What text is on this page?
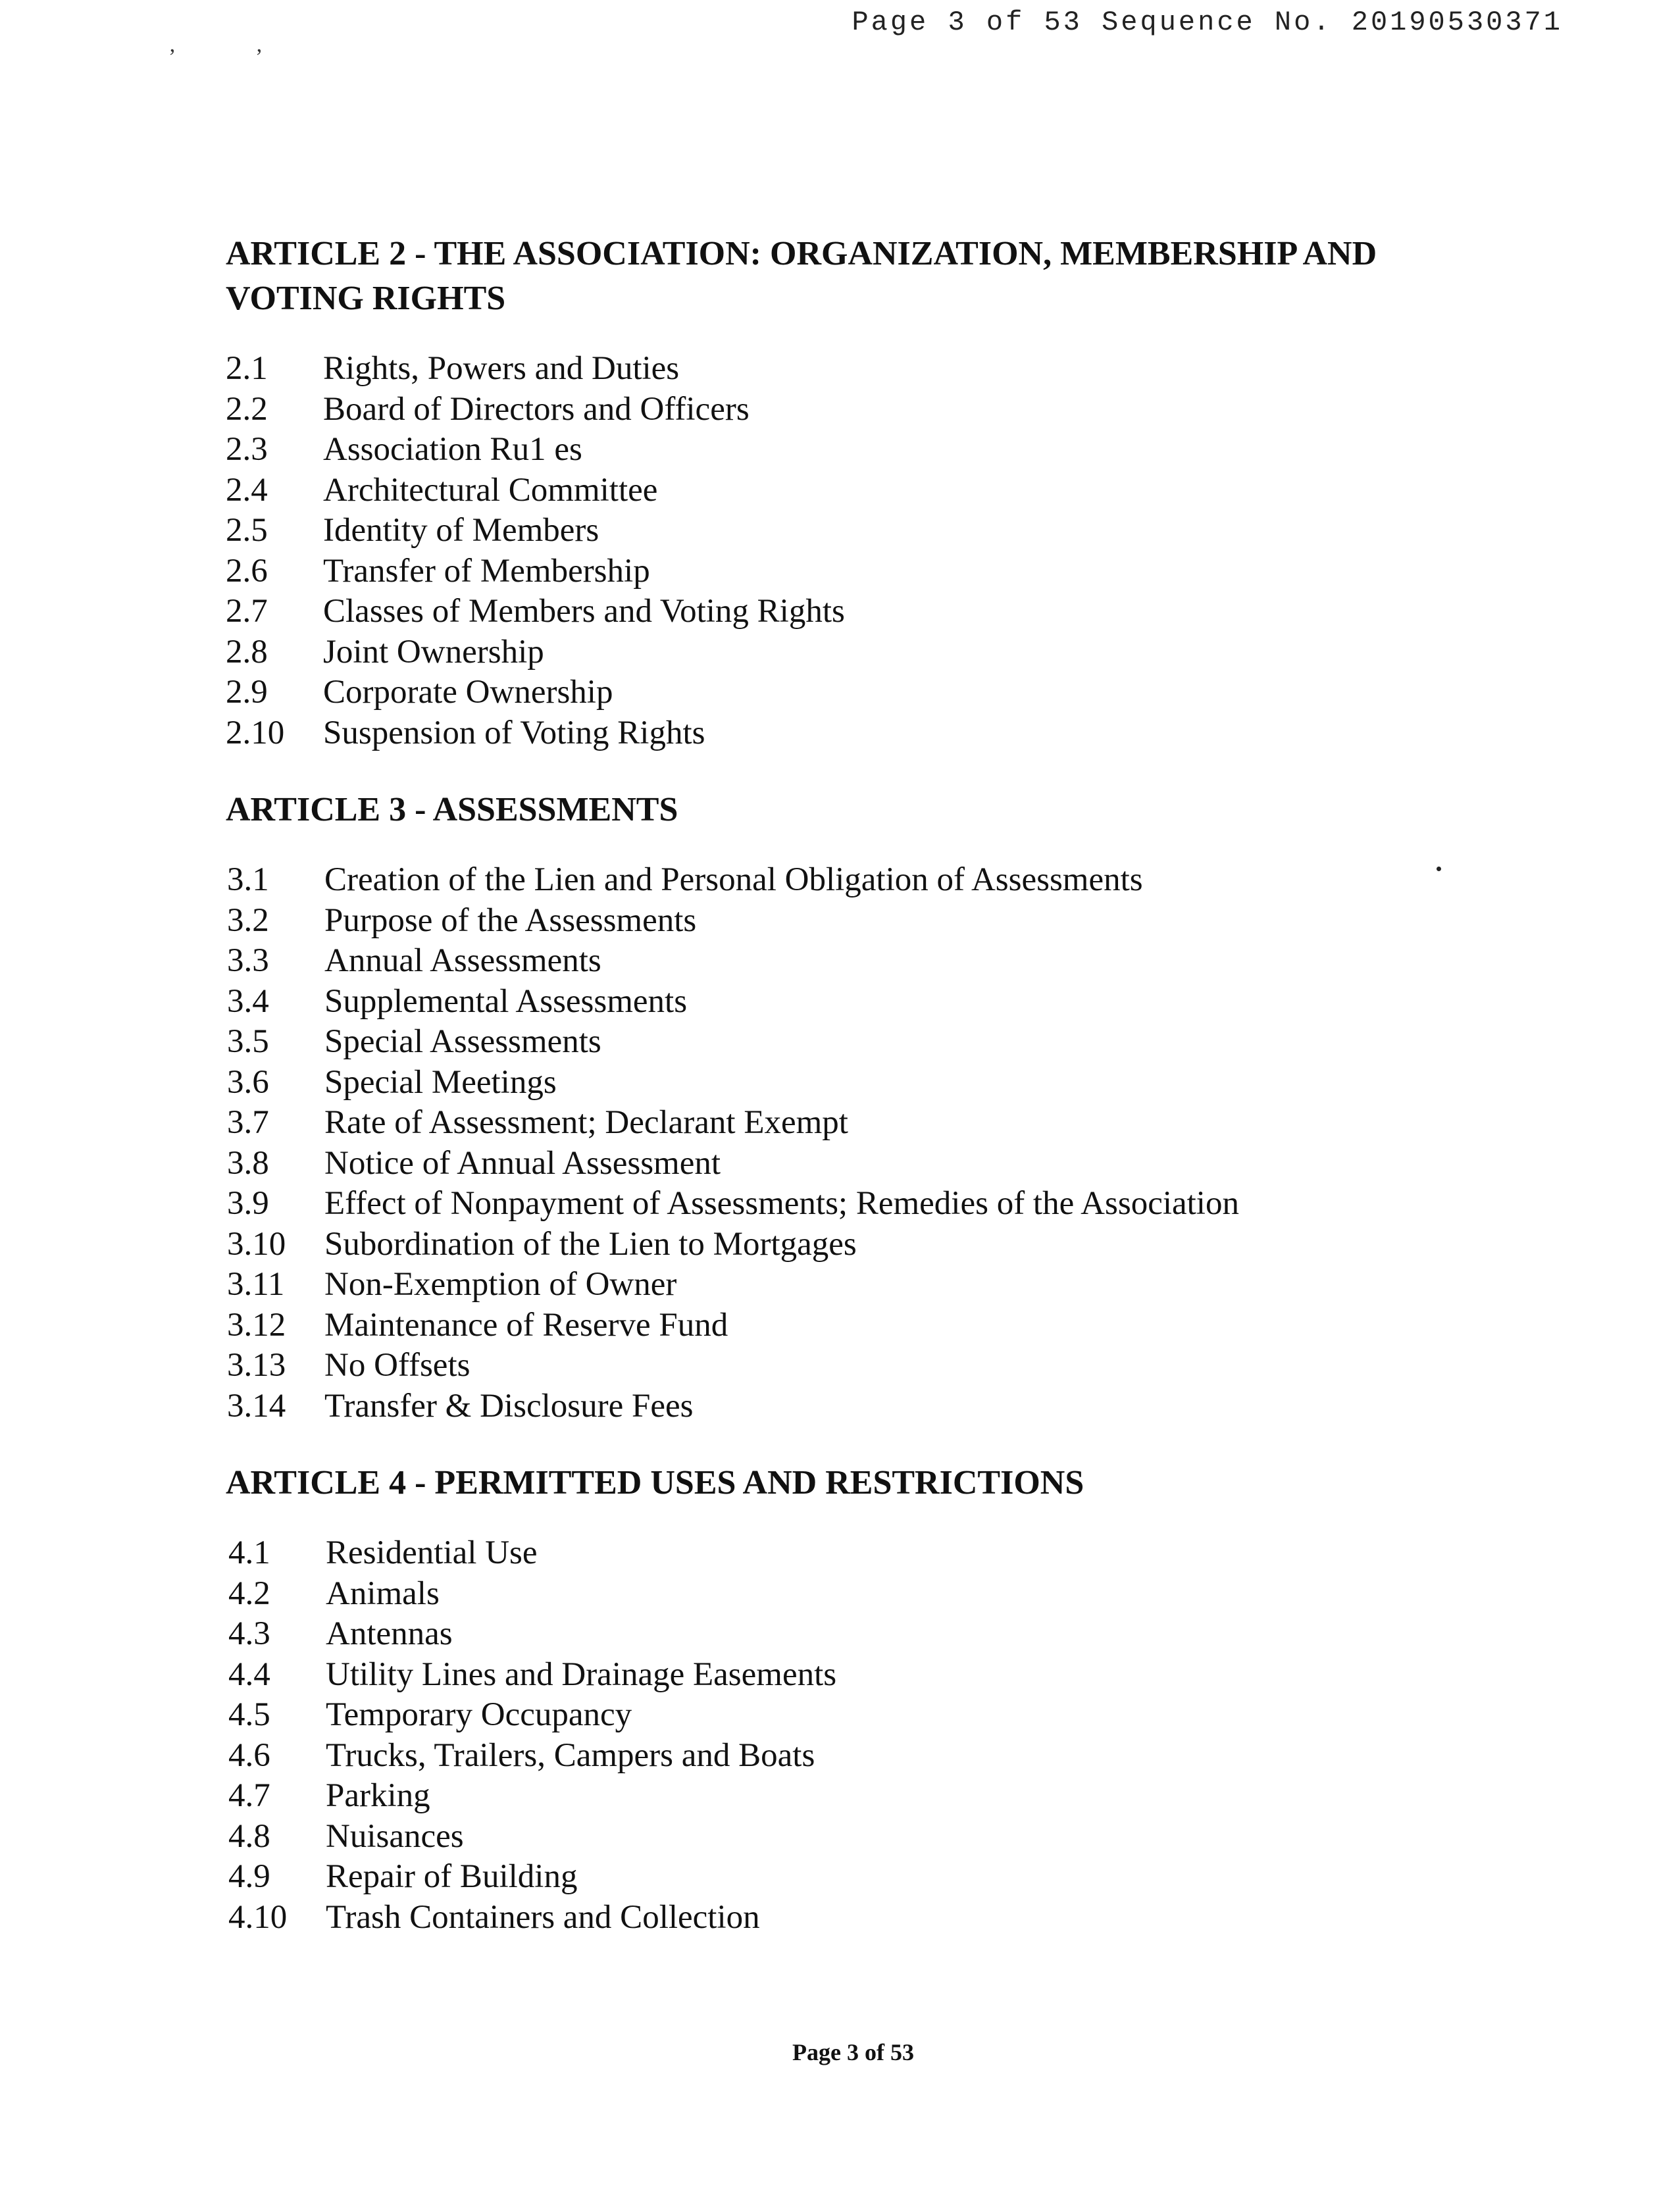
Page 3 of 53 Sequence No. 20190530371
’	’
ARTICLE 2 - THE ASSOCIATION: ORGANIZATION, MEMBERSHIP AND VOTING RIGHTS
2.1	Rights, Powers and Duties
2.2	Board of Directors and Officers
2.3	Association Ru1 es
2.4	Architectural Committee
2.5	Identity of Members
2.6	Transfer of Membership
2.7	Classes of Members and Voting Rights
2.8	Joint Ownership
2.9	Corporate Ownership
2.10	Suspension of Voting Rights
ARTICLE 3 - ASSESSMENTS
3.1	Creation of the Lien and Personal Obligation of Assessments
3.2	Purpose of the Assessments
3.3	Annual Assessments
3.4	Supplemental Assessments
3.5	Special Assessments
3.6	Special Meetings
3.7	Rate of Assessment; Declarant Exempt
3.8	Notice of Annual Assessment
3.9	Effect of Nonpayment of Assessments; Remedies of the Association
3.10	Subordination of the Lien to Mortgages
3.11	Non-Exemption of Owner
3.12	Maintenance of Reserve Fund
3.13	No Offsets
3.14	Transfer & Disclosure Fees
ARTICLE 4 - PERMITTED USES AND RESTRICTIONS
4.1	Residential Use
4.2	Animals
4.3	Antennas
4.4	Utility Lines and Drainage Easements
4.5	Temporary Occupancy
4.6	Trucks, Trailers, Campers and Boats
4.7	Parking
4.8	Nuisances
4.9	Repair of Building
4.10	Trash Containers and Collection
Page 3 of 53
